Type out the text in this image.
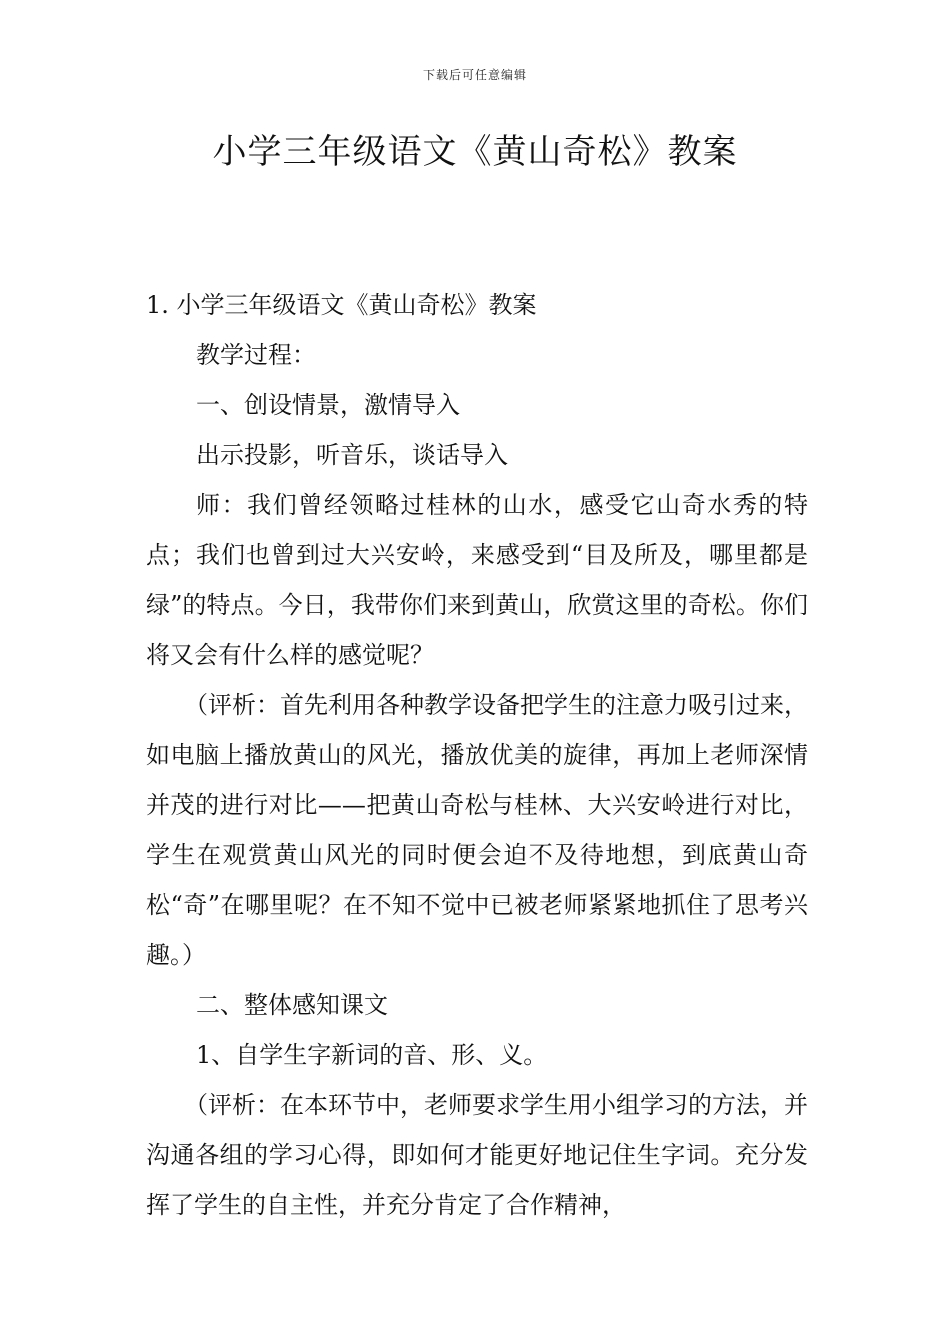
下载后可任意编辑
小学三年级语文《黄山奇松》教案

1. 小学三年级语文《黄山奇松》教案

教学过程：

一、创设情景，激情导入

出示投影，听音乐，谈话导入

师：我们曾经领略过桂林的山水，感受它山奇水秀的特点；我们也曾到过大兴安岭，来感受到“目及所及，哪里都是绿”的特点。今日，我带你们来到黄山，欣赏这里的奇松。你们将又会有什么样的感觉呢？

（评析：首先利用各种教学设备把学生的注意力吸引过来，如电脑上播放黄山的风光，播放优美的旋律，再加上老师深情并茂的进行对比——把黄山奇松与桂林、大兴安岭进行对比，学生在观赏黄山风光的同时便会迫不及待地想，到底黄山奇松“奇”在哪里呢？在不知不觉中已被老师紧紧地抓住了思考兴趣。）

二、整体感知课文

1、自学生字新词的音、形、义。

（评析：在本环节中，老师要求学生用小组学习的方法，并沟通各组的学习心得，即如何才能更好地记住生字词。充分发挥了学生的自主性，并充分肯定了合作精神，
